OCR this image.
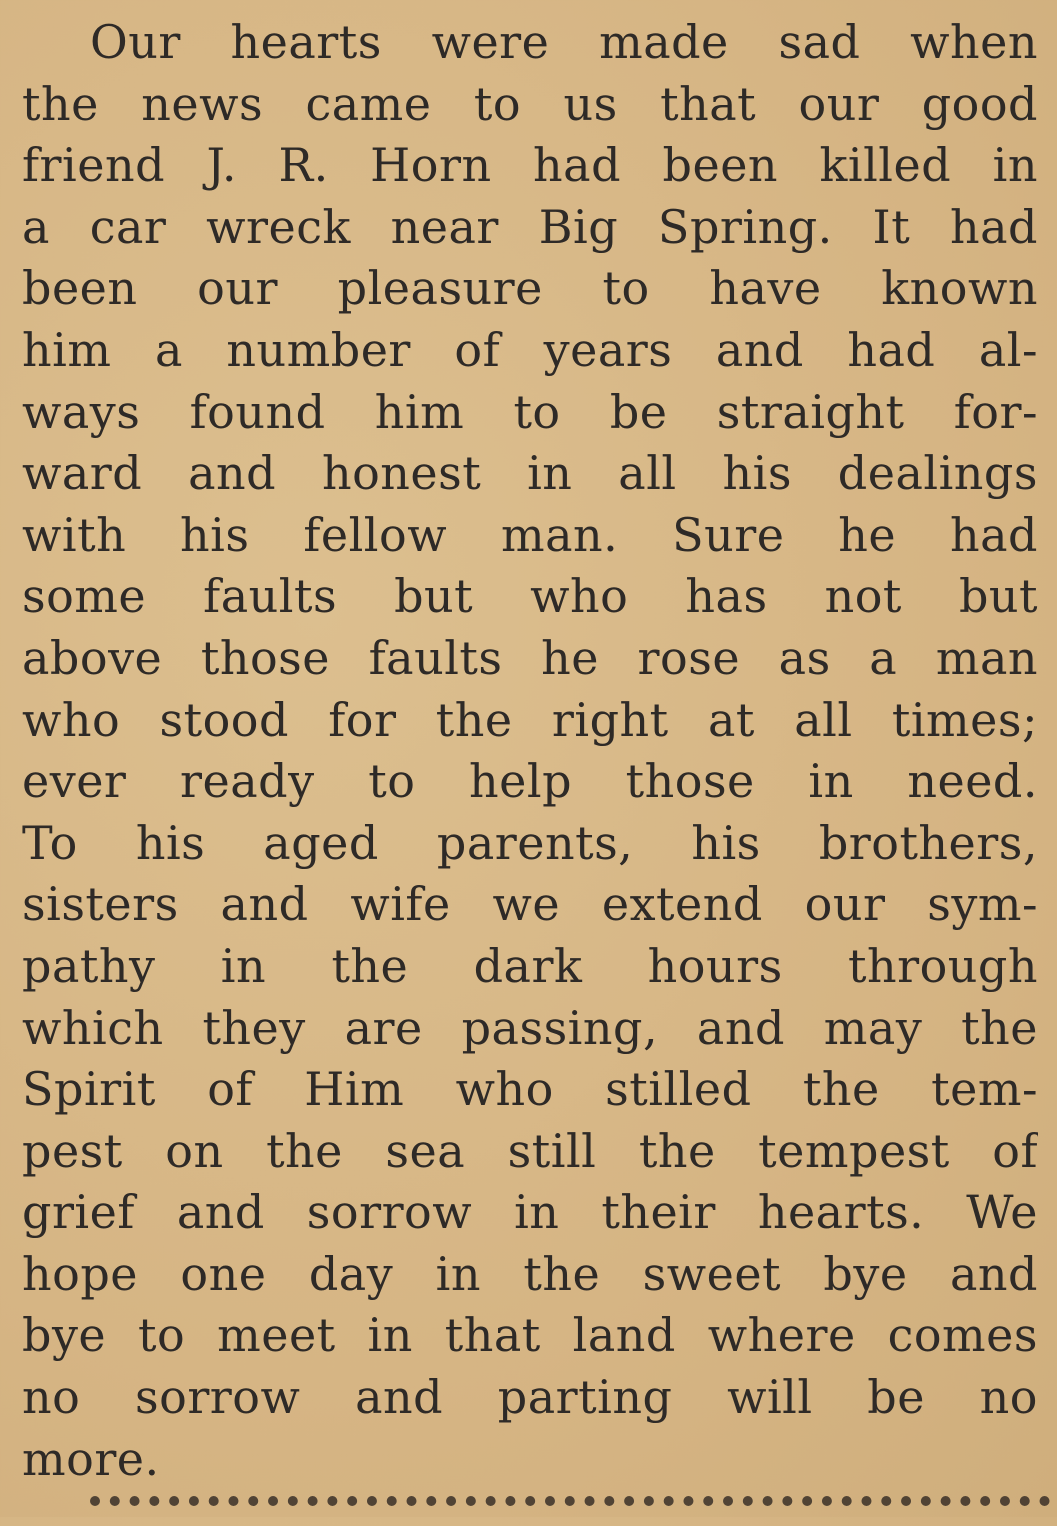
Our hearts were made sad when
the news came to us that our good
friend J. R. Horn had been killed in
a car wreck near Big Spring. It had
been our pleasure to have known
him a number of years and had al-
ways found him to be straight for-
ward and honest in all his dealings
with his fellow man. Sure he had
some faults but who has not but
above those faults he rose as a man
who stood for the right at all times;
ever ready to help those in need.
To his aged parents, his brothers,
sisters and wife we extend our sym-
pathy in the dark hours through
which they are passing, and may the
Spirit of Him who stilled the tem-
pest on the sea still the tempest of
grief and sorrow in their hearts. We
hope one day in the sweet bye and
bye to meet in that land where comes
no sorrow and parting will be no
more.
